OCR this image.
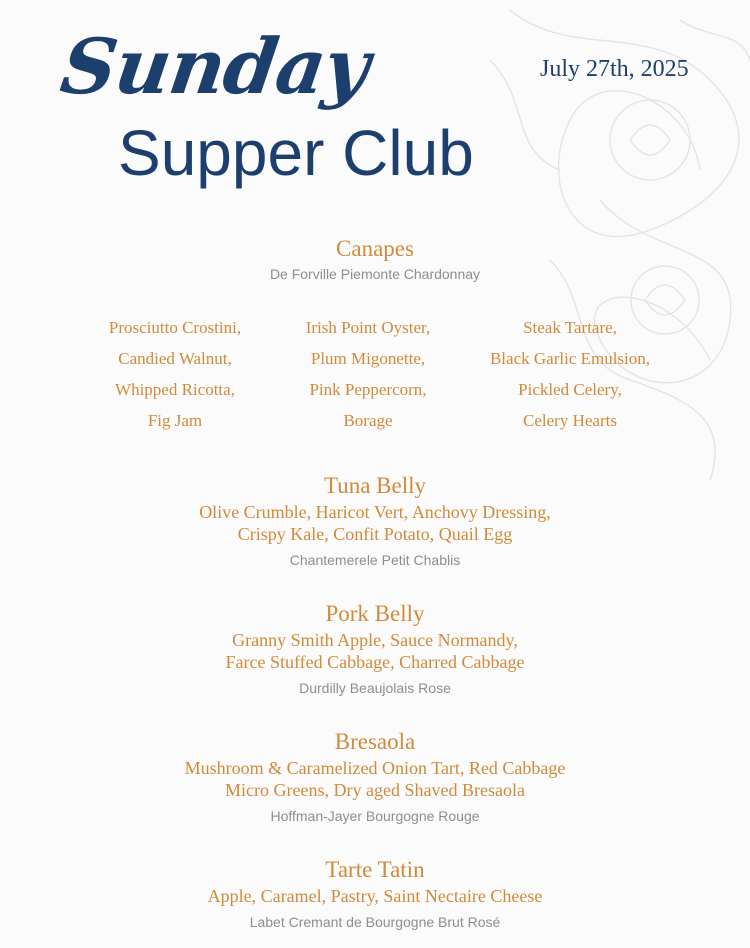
Sunday
Supper Club
July 27th, 2025
Canapes
De Forville Piemonte Chardonnay
Prosciutto Crostini,
Candied Walnut,
Whipped Ricotta,
Fig Jam
Irish Point Oyster,
Plum Migonette,
Pink Peppercorn,
Borage
Steak Tartare,
Black Garlic Emulsion,
Pickled Celery,
Celery Hearts
Tuna Belly
Olive Crumble, Haricot Vert, Anchovy Dressing,
Crispy Kale, Confit Potato, Quail Egg
Chantemerele Petit Chablis
Pork Belly
Granny Smith Apple, Sauce Normandy,
Farce Stuffed Cabbage, Charred Cabbage
Durdilly Beaujolais Rose
Bresaola
Mushroom & Caramelized Onion Tart, Red Cabbage
Micro Greens, Dry aged Shaved Bresaola
Hoffman-Jayer Bourgogne Rouge
Tarte Tatin
Apple, Caramel, Pastry, Saint Nectaire Cheese
Labet Cremant de Bourgogne Brut Rosé
